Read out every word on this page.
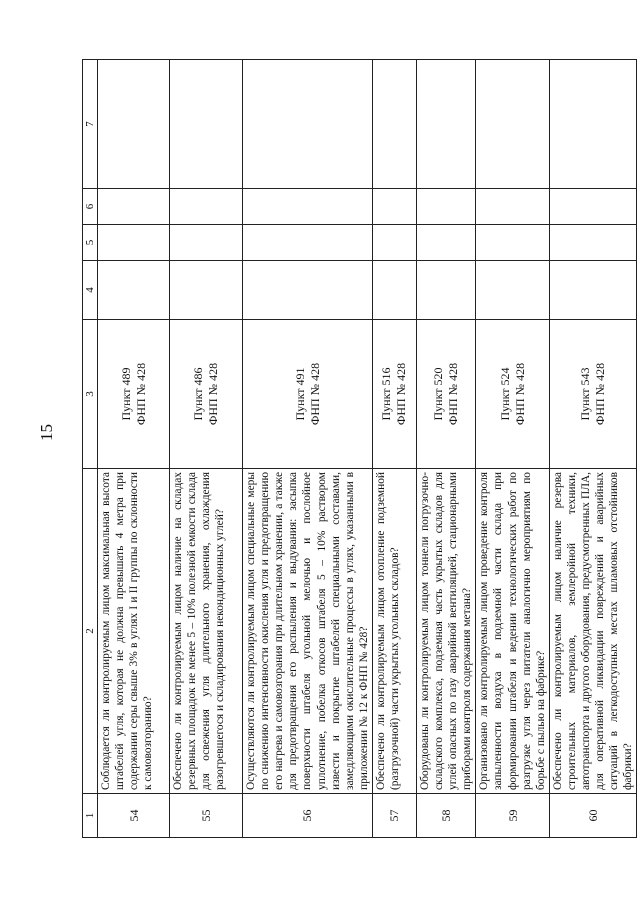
15
1	2	3	4	5	6	7
54	Соблюдается ли контролируемым лицом максимальная высота штабелей угля, которая не должна превышать 4 метра при содержании серы свыше 3% в углях I и II группы по склонности к самовозгоранию?	Пункт 489 ФНП № 428				

55	Обеспечено ли контролируемым лицом наличие на складах резервных площадок не менее 5 – 10% полезной емкости склада для освежения угля длительного хранения, охлаждения разогревшегося и складирования некондиционных углей?	Пункт 486 ФНП № 428				

56	Осуществляются ли контролируемым лицом специальные меры по снижению интенсивности окисления угля и предотвращению его нагрева и самовозгорания при длительном хранении, а также для предотвращения его распыления и выдувания: засыпка поверхности штабеля угольной мелочью и послойное уплотнение, побелка откосов штабеля 5 – 10% раствором извести и покрытие штабелей специальными составами, замедляющими окислительные процессы в углях, указанными в приложении № 12 к ФНП № 428?	Пункт 491 ФНП № 428				

57	Обеспечено ли контролируемым лицом отопление подземной (разгрузочной) части укрытых угольных складов?	Пункт 516 ФНП № 428				

58	Оборудованы ли контролируемым лицом тоннели погрузочно-складского комплекса, подземная часть укрытых складов для углей опасных по газу аварийной вентиляцией, стационарными приборами контроля содержания метана?	Пункт 520 ФНП № 428				

59	Организовано ли контролируемым лицом проведение контроля запыленности воздуха в подземной части склада при формировании штабеля и ведении технологических работ по разгрузке угля через питатели аналогично мероприятиям по борьбе с пылью на фабрике?	Пункт 524 ФНП № 428				

60	Обеспечено ли контролируемым лицом наличие резерва строительных материалов, землеройной техники, автотранспорта и другого оборудования, предусмотренных ПЛА, для оперативной ликвидации повреждений и аварийных ситуаций в легкодоступных местах шламовых отстойников фабрики?	Пункт 543 ФНП № 428				
